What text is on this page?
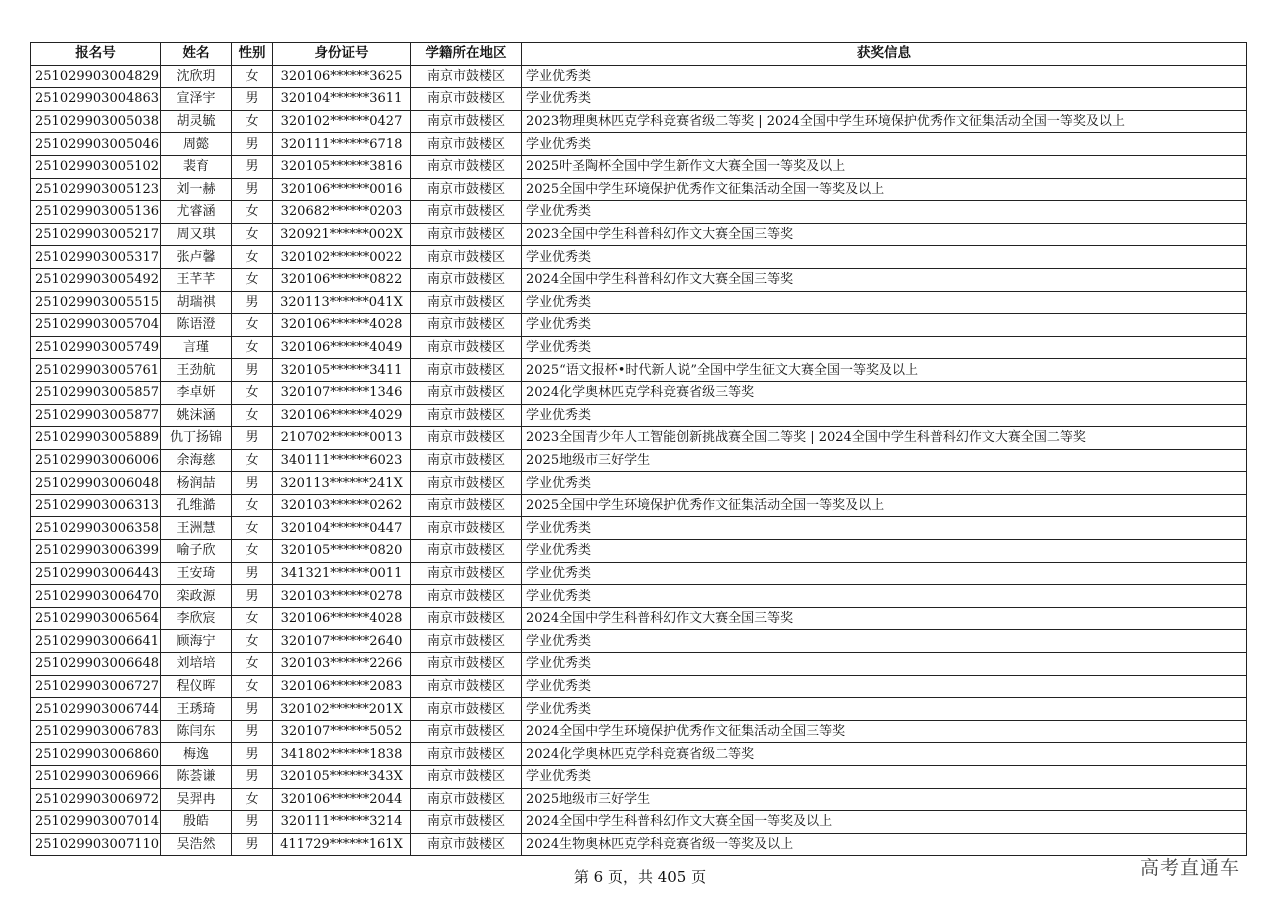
报名号	姓名	性别	身份证号	学籍所在地区	获奖信息
251029903004829	沈欣玥	女	320106******3625	南京市鼓楼区	学业优秀类
251029903004863	宣泽宇	男	320104******3611	南京市鼓楼区	学业优秀类
251029903005038	胡灵毓	女	320102******0427	南京市鼓楼区	2023物理奥林匹克学科竞赛省级二等奖 | 2024全国中学生环境保护优秀作文征集活动全国一等奖及以上
251029903005046	周懿	男	320111******6718	南京市鼓楼区	学业优秀类
251029903005102	裴育	男	320105******3816	南京市鼓楼区	2025叶圣陶杯全国中学生新作文大赛全国一等奖及以上
251029903005123	刘一赫	男	320106******0016	南京市鼓楼区	2025全国中学生环境保护优秀作文征集活动全国一等奖及以上
251029903005136	尤睿涵	女	320682******0203	南京市鼓楼区	学业优秀类
251029903005217	周又琪	女	320921******002X	南京市鼓楼区	2023全国中学生科普科幻作文大赛全国三等奖
251029903005317	张卢馨	女	320102******0022	南京市鼓楼区	学业优秀类
251029903005492	王芊芊	女	320106******0822	南京市鼓楼区	2024全国中学生科普科幻作文大赛全国三等奖
251029903005515	胡瑞祺	男	320113******041X	南京市鼓楼区	学业优秀类
251029903005704	陈语澄	女	320106******4028	南京市鼓楼区	学业优秀类
251029903005749	言瑾	女	320106******4049	南京市鼓楼区	学业优秀类
251029903005761	王劲航	男	320105******3411	南京市鼓楼区	2025“语文报杯•时代新人说”全国中学生征文大赛全国一等奖及以上
251029903005857	李卓妍	女	320107******1346	南京市鼓楼区	2024化学奥林匹克学科竞赛省级三等奖
251029903005877	姚沫涵	女	320106******4029	南京市鼓楼区	学业优秀类
251029903005889	仇丁扬锦	男	210702******0013	南京市鼓楼区	2023全国青少年人工智能创新挑战赛全国二等奖 | 2024全国中学生科普科幻作文大赛全国二等奖
251029903006006	余海慈	女	340111******6023	南京市鼓楼区	2025地级市三好学生
251029903006048	杨润喆	男	320113******241X	南京市鼓楼区	学业优秀类
251029903006313	孔维澔	女	320103******0262	南京市鼓楼区	2025全国中学生环境保护优秀作文征集活动全国一等奖及以上
251029903006358	王洲慧	女	320104******0447	南京市鼓楼区	学业优秀类
251029903006399	喻子欣	女	320105******0820	南京市鼓楼区	学业优秀类
251029903006443	王安琦	男	341321******0011	南京市鼓楼区	学业优秀类
251029903006470	栾政源	男	320103******0278	南京市鼓楼区	学业优秀类
251029903006564	李欣宸	女	320106******4028	南京市鼓楼区	2024全国中学生科普科幻作文大赛全国三等奖
251029903006641	顾海宁	女	320107******2640	南京市鼓楼区	学业优秀类
251029903006648	刘培培	女	320103******2266	南京市鼓楼区	学业优秀类
251029903006727	程仪晖	女	320106******2083	南京市鼓楼区	学业优秀类
251029903006744	王琇琦	男	320102******201X	南京市鼓楼区	学业优秀类
251029903006783	陈闫东	男	320107******5052	南京市鼓楼区	2024全国中学生环境保护优秀作文征集活动全国三等奖
251029903006860	梅逸	男	341802******1838	南京市鼓楼区	2024化学奥林匹克学科竞赛省级二等奖
251029903006966	陈荟谦	男	320105******343X	南京市鼓楼区	学业优秀类
251029903006972	吴羿冉	女	320106******2044	南京市鼓楼区	2025地级市三好学生
251029903007014	殷皓	男	320111******3214	南京市鼓楼区	2024全国中学生科普科幻作文大赛全国一等奖及以上
251029903007110	吴浩然	男	411729******161X	南京市鼓楼区	2024生物奥林匹克学科竞赛省级一等奖及以上
第 6 页，共 405 页	高考直通车
